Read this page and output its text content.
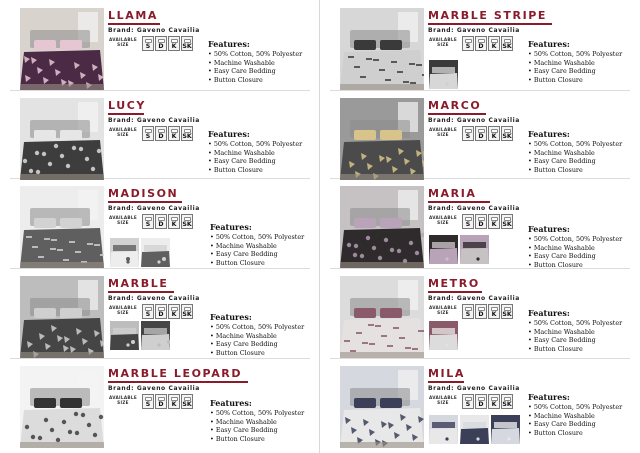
LLAMA
Brand: Gaveno Cavailia
AVAILABLE SIZE	S	D	K SK Features:
• 50% Cotton, 50% Polyester
• Machine Washable
• Easy Care Bedding
• Button Closure
LUCY
Brand: Gaveno Cavailia
AVAILABLE SIZE	S	D	K SK Features:
• 50% Cotton, 50% Polyester
• Machine Washable
• Easy Care Bedding
• Button Closure
MADISON
Brand: Gaveno Cavailia
AVAILABLE SIZE	S	D	K SK Features:
• 50% Cotton, 50% Polyester
• Machine Washable
• Easy Care Bedding
• Button Closure
MARBLE
Brand: Gaveno Cavailia
AVAILABLE SIZE	S	D	K SK Features:
• 50% Cotton, 50% Polyester
• Machine Washable
• Easy Care Bedding
• Button Closure
MARBLE LEOPARD
Brand: Gaveno Cavailia
AVAILABLE SIZE	S	D	K SK Features:
• 50% Cotton, 50% Polyester
• Machine Washable
• Easy Care Bedding
• Button Closure
MARBLE STRIPE
Brand: Gaveno Cavailia
AVAILABLE SIZE	S	D	K SK Features:
• 50% Cotton, 50% Polyester
• Machine Washable
• Easy Care Bedding
• Button Closure
MARCO
Brand: Gaveno Cavailia
AVAILABLE SIZE	S	D	K SK Features:
• 50% Cotton, 50% Polyester
• Machine Washable
• Easy Care Bedding
• Button Closure
MARIA
Brand: Gaveno Cavailia
AVAILABLE SIZE	S	D	K SK Features:
• 50% Cotton, 50% Polyester
• Machine Washable
• Easy Care Bedding
• Button Closure
METRO
Brand: Gaveno Cavailia
AVAILABLE SIZE	S	D	K SK Features:
• 50% Cotton, 50% Polyester
• Machine Washable
• Easy Care Bedding
• Button Closure
MILA
Brand: Gaveno Cavailia
AVAILABLE SIZE	S	D	K SK
Features:
• 50% Cotton, 50% Polyester
• Machine Washable
• Easy Care Bedding
• Button Closure
